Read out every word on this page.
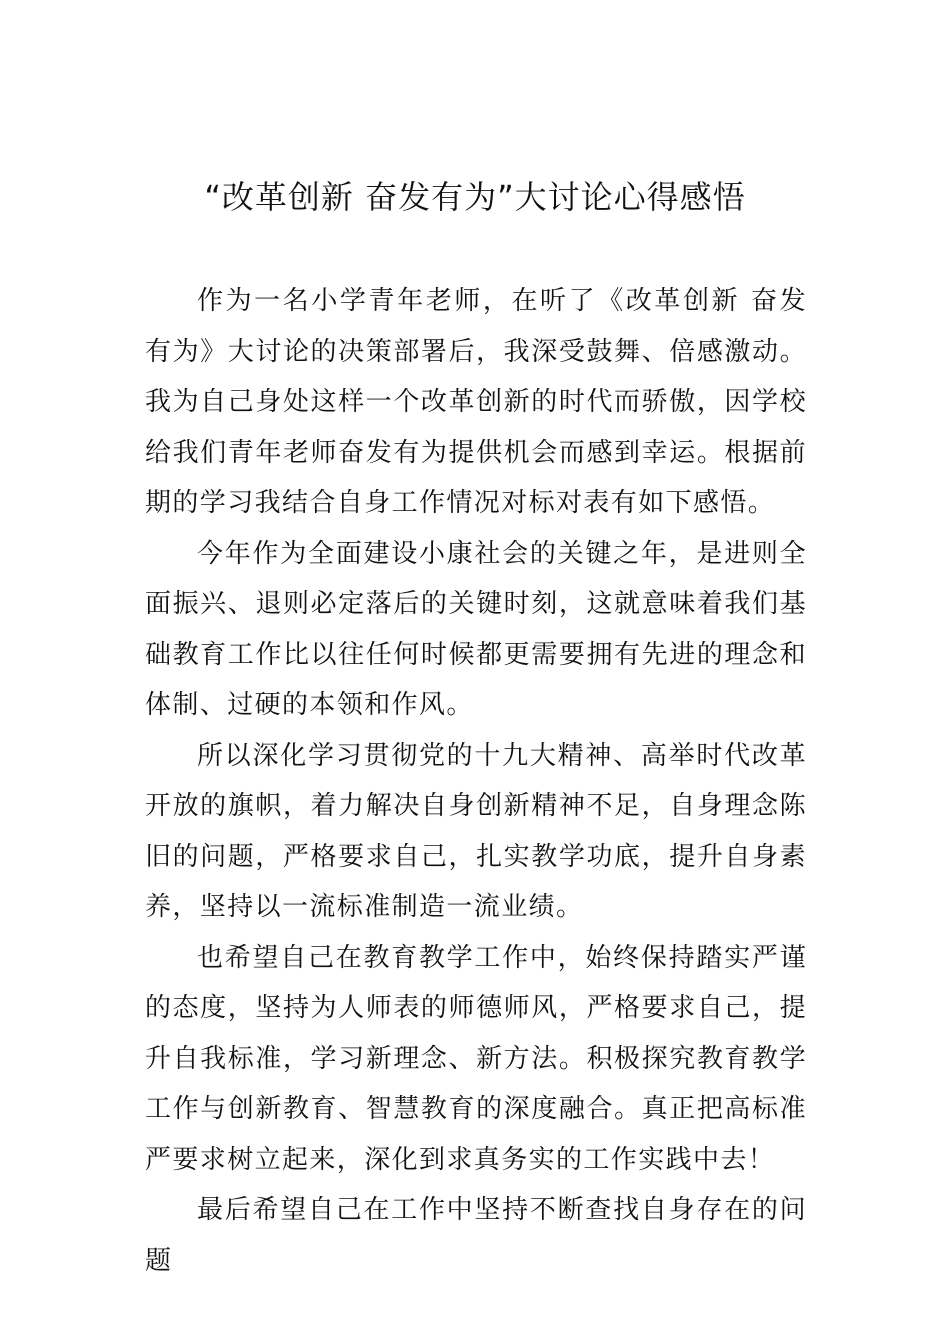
“改革创新 奋发有为”大讨论心得感悟

作为一名小学青年老师，在听了《改革创新 奋发有为》大讨论的决策部署后，我深受鼓舞、倍感激动。我为自己身处这样一个改革创新的时代而骄傲，因学校给我们青年老师奋发有为提供机会而感到幸运。根据前期的学习我结合自身工作情况对标对表有如下感悟。

今年作为全面建设小康社会的关键之年，是进则全面振兴、退则必定落后的关键时刻，这就意味着我们基础教育工作比以往任何时候都更需要拥有先进的理念和体制、过硬的本领和作风。

所以深化学习贯彻党的十九大精神、高举时代改革开放的旗帜，着力解决自身创新精神不足，自身理念陈旧的问题，严格要求自己，扎实教学功底，提升自身素养，坚持以一流标准制造一流业绩。

也希望自己在教育教学工作中，始终保持踏实严谨的态度，坚持为人师表的师德师风，严格要求自己，提升自我标准，学习新理念、新方法。积极探究教育教学工作与创新教育、智慧教育的深度融合。真正把高标准严要求树立起来，深化到求真务实的工作实践中去！

最后希望自己在工作中坚持不断查找自身存在的问题
